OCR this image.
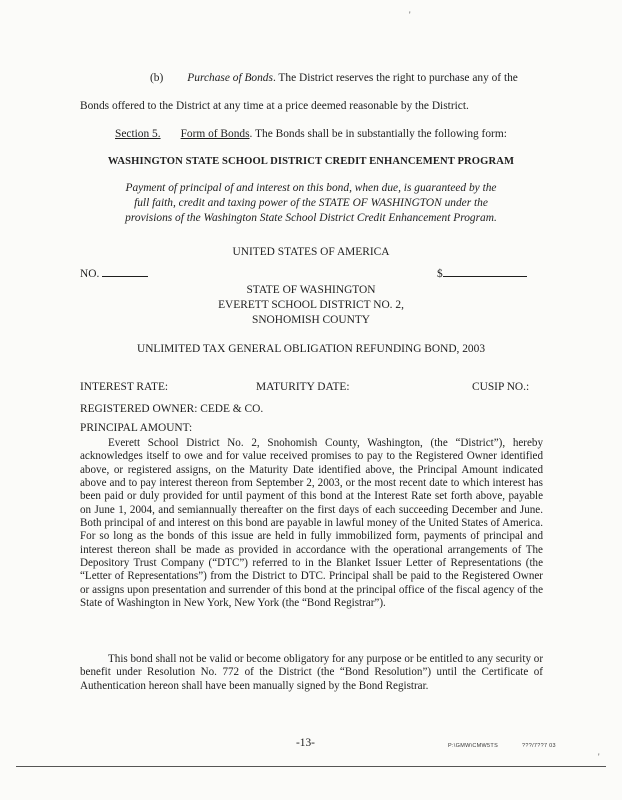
'
(b) Purchase of Bonds. The District reserves the right to purchase any of the
Bonds offered to the District at any time at a price deemed reasonable by the District.
Section 5. Form of Bonds. The Bonds shall be in substantially the following form:
WASHINGTON STATE SCHOOL DISTRICT CREDIT ENHANCEMENT PROGRAM
Payment of principal of and interest on this bond, when due, is guaranteed by the
full faith, credit and taxing power of the STATE OF WASHINGTON under the
provisions of the Washington State School District Credit Enhancement Program.
UNITED STATES OF AMERICA
NO.	$
STATE OF WASHINGTON
EVERETT SCHOOL DISTRICT NO. 2,
SNOHOMISH COUNTY
UNLIMITED TAX GENERAL OBLIGATION REFUNDING BOND, 2003
INTEREST RATE:	MATURITY DATE:	CUSIP NO.:
REGISTERED OWNER: CEDE & CO.
PRINCIPAL AMOUNT:

Everett School District No. 2, Snohomish County, Washington, (the “District”), hereby acknowledges itself to owe and for value received promises to pay to the Registered Owner identified above, or registered assigns, on the Maturity Date identified above, the Principal Amount indicated above and to pay interest thereon from September 2, 2003, or the most recent date to which interest has been paid or duly provided for until payment of this bond at the Interest Rate set forth above, payable on June 1, 2004, and semiannually thereafter on the first days of each succeeding December and June. Both principal of and interest on this bond are payable in lawful money of the United States of America. For so long as the bonds of this issue are held in fully immobilized form, payments of principal and interest thereon shall be made as provided in accordance with the operational arrangements of The Depository Trust Company (“DTC”) referred to in the Blanket Issuer Letter of Representations (the “Letter of Representations”) from the District to DTC. Principal shall be paid to the Registered Owner or assigns upon presentation and surrender of this bond at the principal office of the fiscal agency of the State of Washington in New York, New York (the “Bond Registrar”).

This bond shall not be valid or become obligatory for any purpose or be entitled to any security or benefit under Resolution No. 772 of the District (the “Bond Resolution”) until the Certificate of Authentication hereon shall have been manually signed by the Bond Registrar.

-13-	P:\GMW\CMW5TS	???/7??7 03
'
